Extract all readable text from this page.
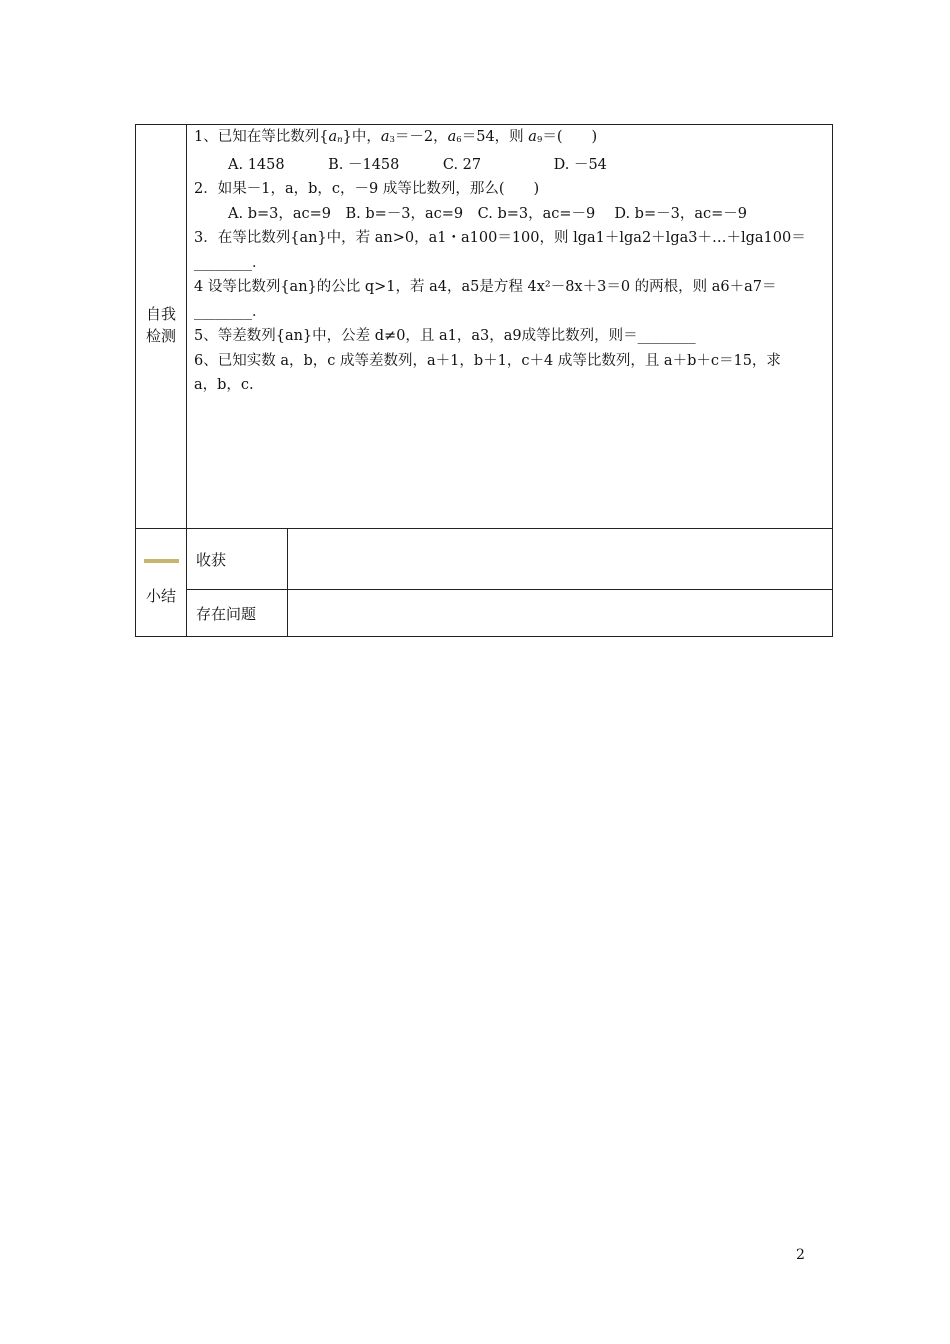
自我
检测
1、已知在等比数列$\{a_n\}$中，$a_3=-2$，$a_6=54$，则 $a_9=$(　　)
A. 1458　　　B. －1458　　　C. 27　　　　　D. －54
2．如果－1，a，b，c，－9 成等比数列，那么(　　)
A. b=3，ac=9　B. b=－3，ac=9　C. b=3，ac=－9　 D. b=－3，ac=－9
3．在等比数列{an}中，若 an>0，a1・a100＝100，则 lga1＋lga2＋lga3＋…＋lga100＝
________．
4 设等比数列{an}的公比 q>1，若 a4，a5是方程 4x²－8x＋3＝0 的两根，则 a6＋a7＝
________．
5、等差数列{an}中，公差 d≠0，且 a1，a3，a9成等比数列，则＝________
6、已知实数 a，b，c 成等差数列，a＋1，b＋1，c＋4 成等比数列，且 a＋b＋c＝15，求
a，b，c.
小结
收获
存在问题
2
